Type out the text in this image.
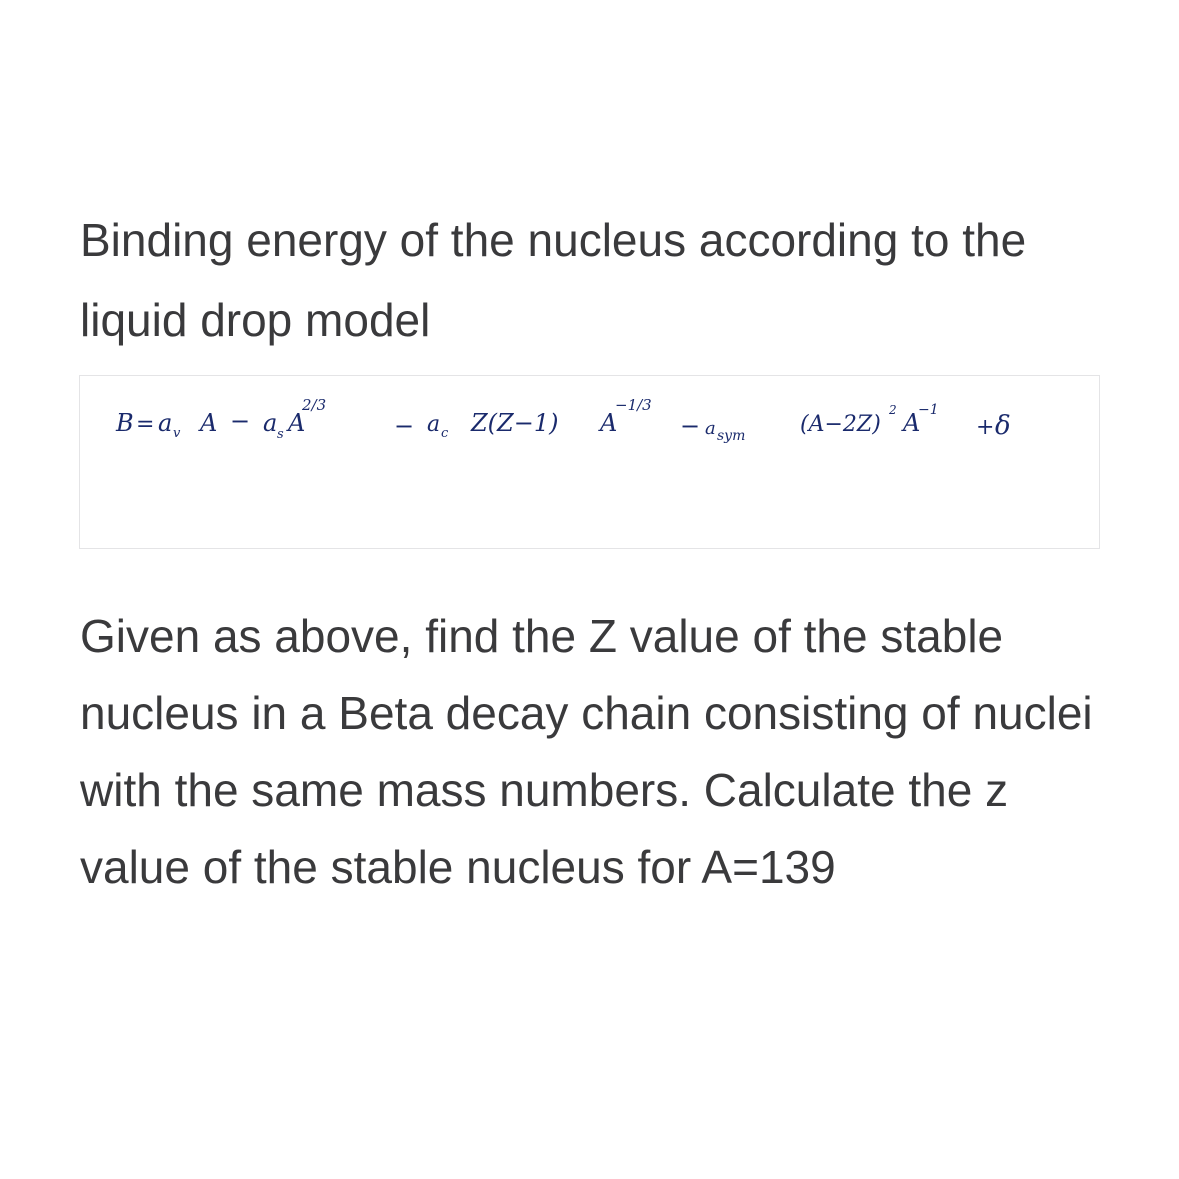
Binding energy of the nucleus according to the liquid drop model

B = a v A − a s A
2/3
− a c Z(Z−1) A
−1/3
− a sym (A−2Z)
2 A
−1
+ δ

Given as above, find the Z value of the stable nucleus in a Beta decay chain consisting of nuclei with the same mass numbers. Calculate the z value of the stable nucleus for A=139
